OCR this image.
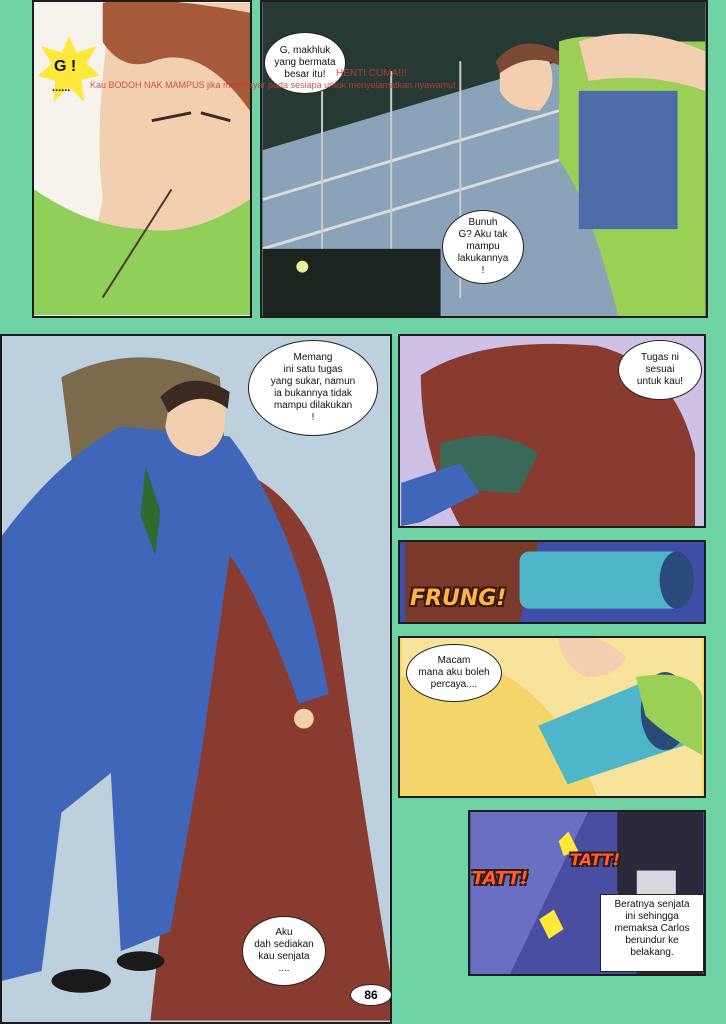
G !
......
G, makhluk
yang bermata
besar itu!
Bunuh
G? Aku tak
mampu
lakukannya
!
HENTI CUMA!!!
Kau BODOH NAK MAMPUS jika membayar pada sesiapa untuk menyelamatkan nyawamu!
Memang
ini satu tugas
yang sukar, namun
ia bukannya tidak
mampu dilakukan
!
Aku
dah sediakan
kau senjata
....
Tugas ni
sesuai
untuk kau!
FRUNG!
Macam
mana aku boleh
percaya....
TATT!
TATT!
Beratnya senjata
ini sehingga
memaksa Carlos
berundur ke
belakang.
86
